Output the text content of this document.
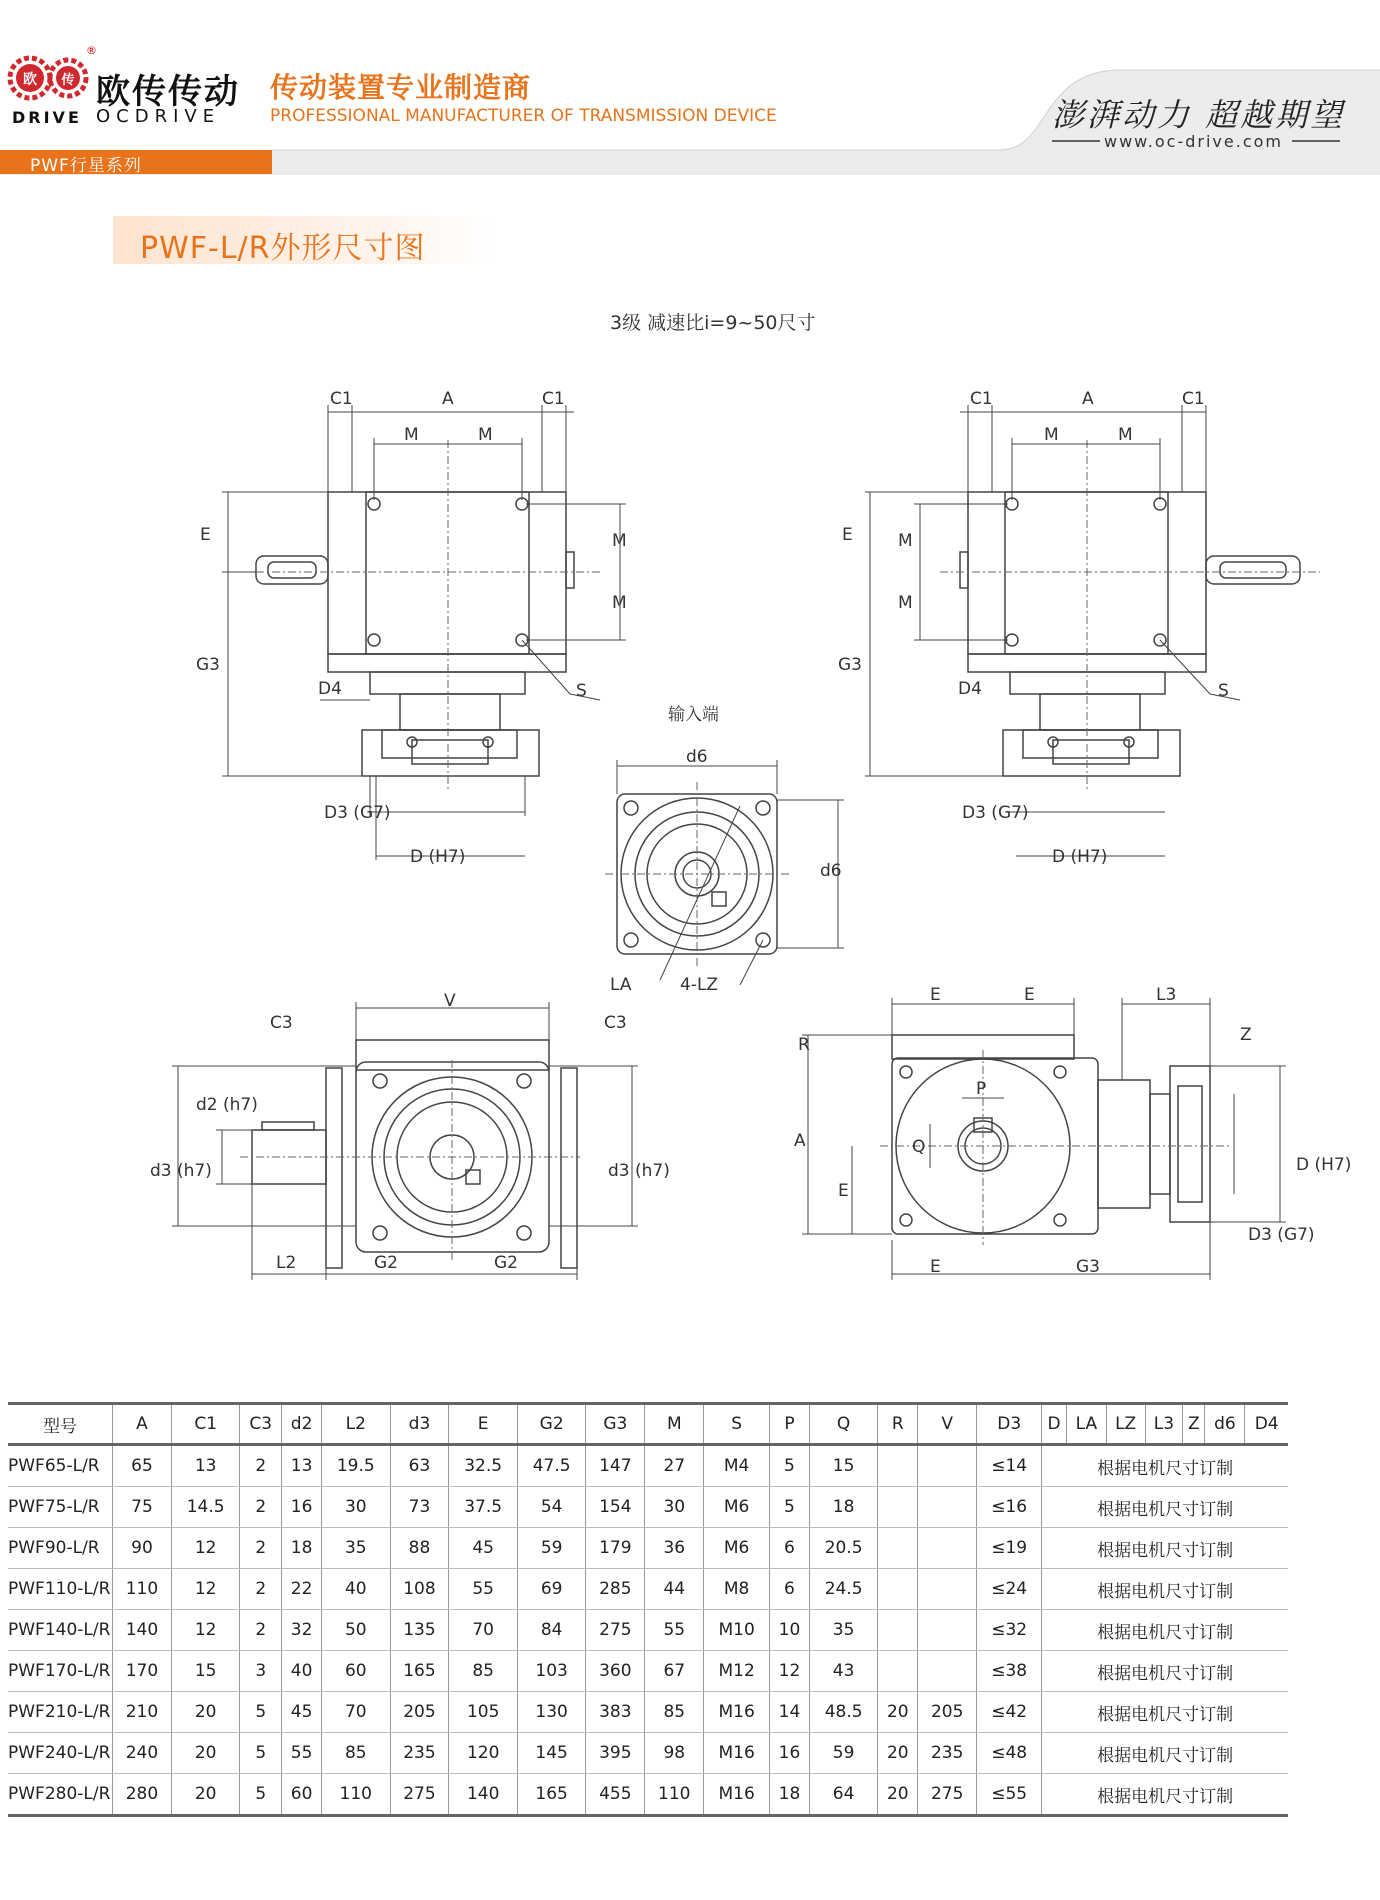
欧 传
®
欧传传动
DRIVE OCDRIVE
传动装置专业制造商
PROFESSIONAL MANUFACTURER OF TRANSMISSION DEVICE	澎湃动力 超越期望
www.oc-drive.com
PWF行星系列
PWF-L/R外形尺寸图
3级 减速比i=9~50尺寸
C1	A	C1
M	M
E	M
M
G3
D4	S
D3 (G7)
D (H7)
C1	A	C1
M	M
E	M
M
G3
D4	S
D3 (G7)
D (H7)
输入端
d6
d6
LA	4-LZ
C3
V
C3
d2 (h7)
d3 (h7)	d3 (h7)
L2	G2	G2
E	E	L3
R	Z
P
Q
A
E
E	G3
D (H7)
D3 (G7)
型号	A	C1	C3	d2	L2	d3	E	G2	G3	M	S	P	Q	R	V	D3	D	LA	LZ	L3	Z	d6	D4
PWF65-L/R	65	13	2	13	19.5	63	32.5	47.5	147	27	M4	5	15			≤14	根据电机尺寸订制						
PWF75-L/R	75	14.5	2	16	30	73	37.5	54	154	30	M6	5	18			≤16	根据电机尺寸订制						
PWF90-L/R	90	12	2	18	35	88	45	59	179	36	M6	6	20.5			≤19	根据电机尺寸订制						
PWF110-L/R	110	12	2	22	40	108	55	69	285	44	M8	6	24.5			≤24	根据电机尺寸订制						
PWF140-L/R	140	12	2	32	50	135	70	84	275	55	M10	10	35			≤32	根据电机尺寸订制						
PWF170-L/R	170	15	3	40	60	165	85	103	360	67	M12	12	43			≤38	根据电机尺寸订制						
PWF210-L/R	210	20	5	45	70	205	105	130	383	85	M16	14	48.5	20	205	≤42	根据电机尺寸订制						
PWF240-L/R	240	20	5	55	85	235	120	145	395	98	M16	16	59	20	235	≤48	根据电机尺寸订制						
PWF280-L/R	280	20	5	60	110	275	140	165	455	110	M16	18	64	20	275	≤55	根据电机尺寸订制						
